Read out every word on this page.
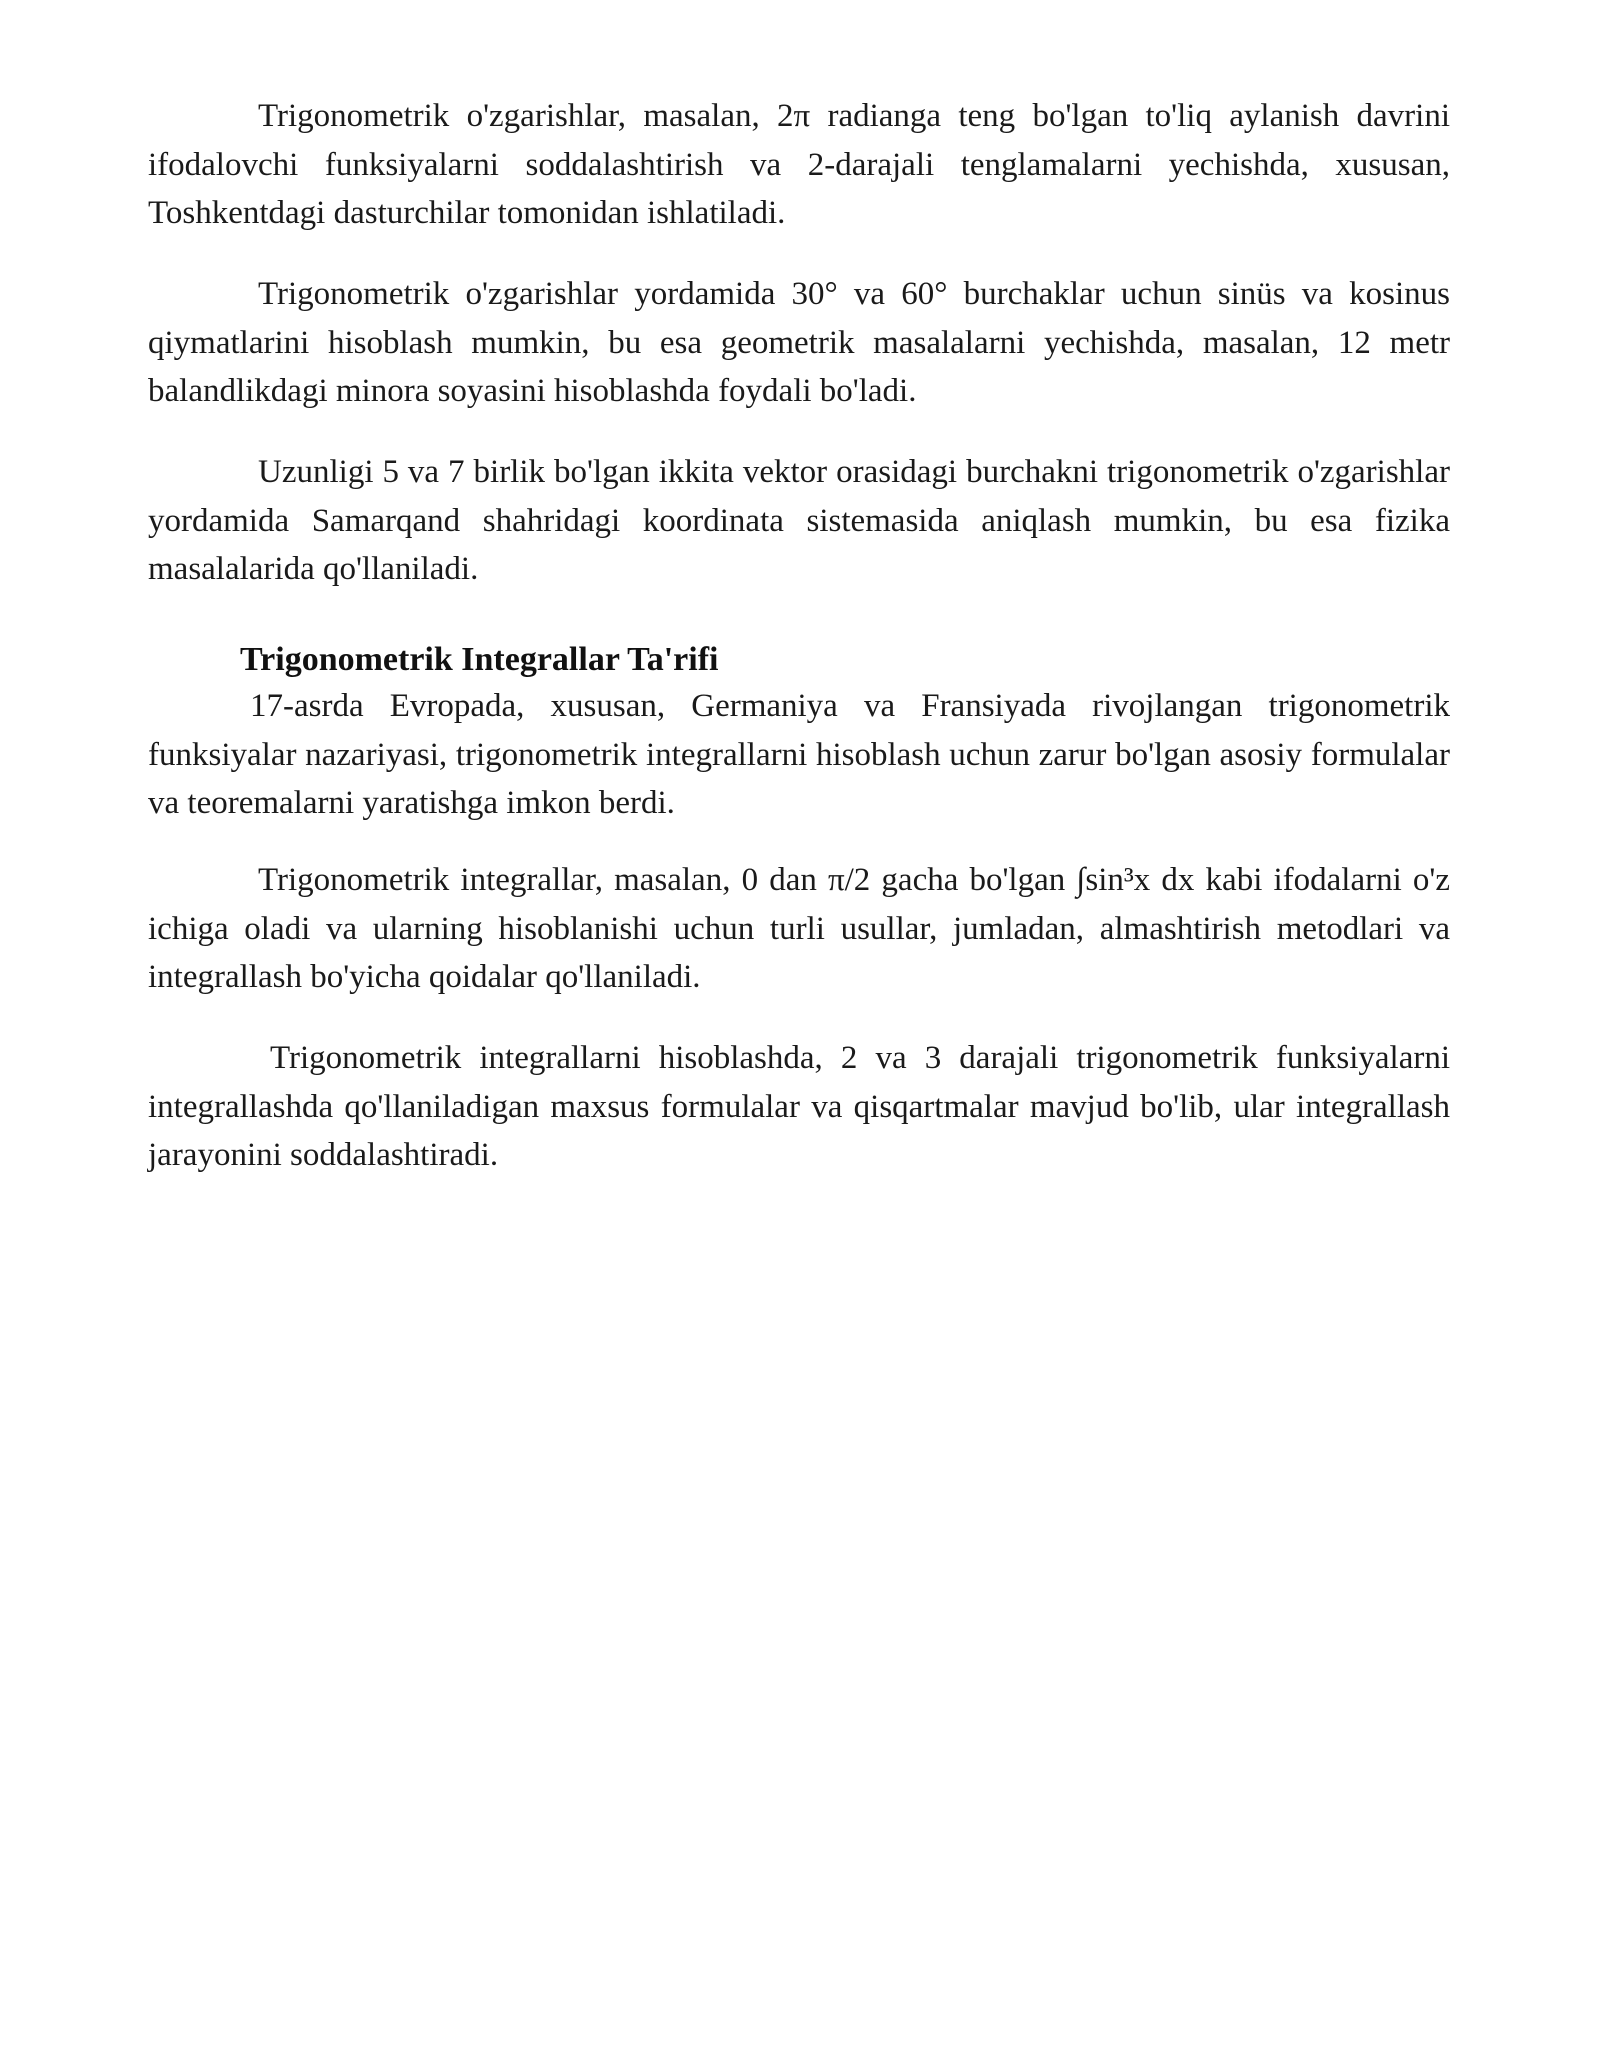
Trigonometrik o'zgarishlar, masalan, 2π radianga teng bo'lgan to'liq aylanish davrini ifodalovchi funksiyalarni soddalashtirish va 2-darajali tenglamalarni yechishda, xususan, Toshkentdagi dasturchilar tomonidan ishlatiladi.

Trigonometrik o'zgarishlar yordamida 30° va 60° burchaklar uchun sinüs va kosinus qiymatlarini hisoblash mumkin, bu esa geometrik masalalarni yechishda, masalan, 12 metr balandlikdagi minora soyasini hisoblashda foydali bo'ladi.

Uzunligi 5 va 7 birlik bo'lgan ikkita vektor orasidagi burchakni trigonometrik o'zgarishlar yordamida Samarqand shahridagi koordinata sistemasida aniqlash mumkin, bu esa fizika masalalarida qo'llaniladi.

Trigonometrik Integrallar Ta'rifi

17-asrda Evropada, xususan, Germaniya va Fransiyada rivojlangan trigonometrik funksiyalar nazariyasi, trigonometrik integrallarni hisoblash uchun zarur bo'lgan asosiy formulalar va teoremalarni yaratishga imkon berdi.

Trigonometrik integrallar, masalan, 0 dan π/2 gacha bo'lgan ∫sin³x dx kabi ifodalarni o'z ichiga oladi va ularning hisoblanishi uchun turli usullar, jumladan, almashtirish metodlari va integrallash bo'yicha qoidalar qo'llaniladi.

Trigonometrik integrallarni hisoblashda, 2 va 3 darajali trigonometrik funksiyalarni integrallashda qo'llaniladigan maxsus formulalar va qisqartmalar mavjud bo'lib, ular integrallash jarayonini soddalashtiradi.
